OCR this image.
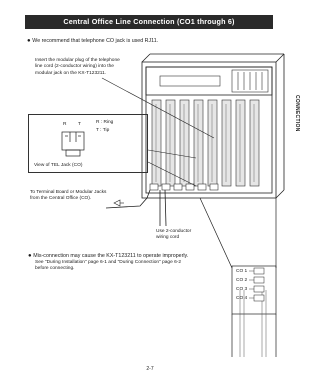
Central Office Line Connection (CO1 through 6)
● We recommend that telephone CO jack is used RJ11.
Insert the modular plug of the telephone
line cord (2-conductor wiring) into the
modular jack on the KX-T123211.
CONNECTION
R T	R : Ring
T : Tip
View of TEL Jack (CO)
To Terminal Board or Modular Jacks
from the Central Office (CO).
Use 2-conductor
wiring cord
● Mis-connection may cause the KX-T123211 to operate improperly.
See "During Installation" page 6-1 and "During Connection" page 6-2
before connecting.
CO 1
CO 2
CO 3
CO 4
2-7
